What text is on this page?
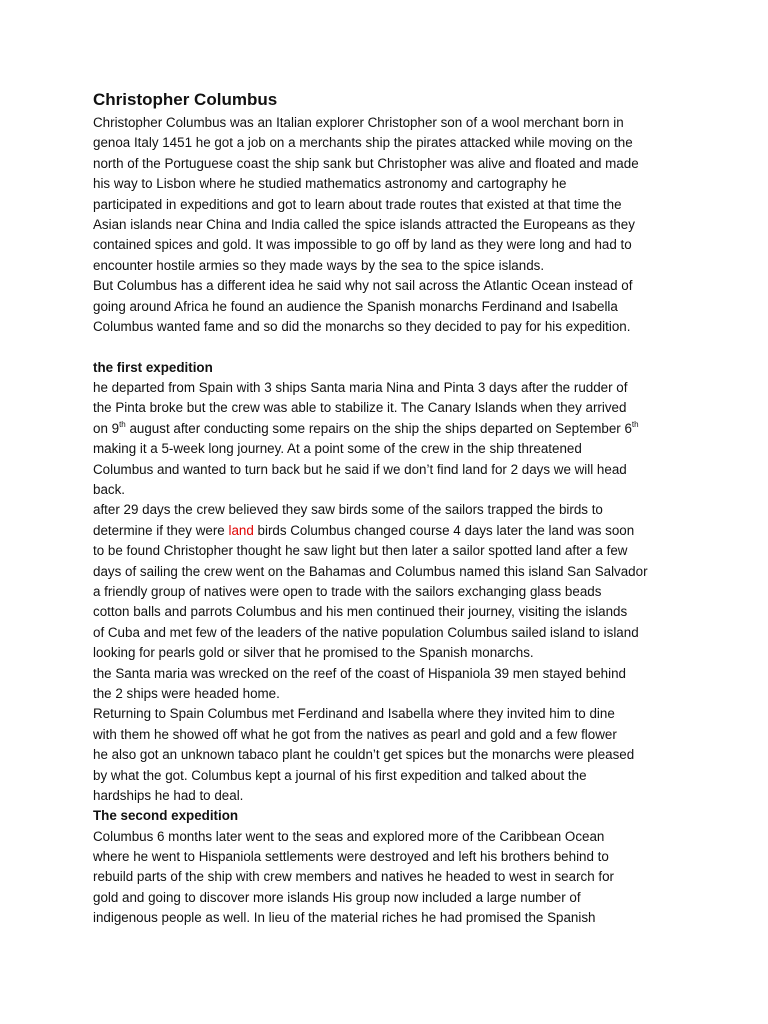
Christopher Columbus
Christopher Columbus was an Italian explorer Christopher son of a wool merchant born in
genoa Italy 1451 he got a job on a merchants ship the pirates attacked while moving on the
north of the Portuguese coast the ship sank but Christopher was alive and floated and made
his way to Lisbon where he studied mathematics astronomy and cartography he
participated in expeditions and got to learn about trade routes that existed at that time the
Asian islands near China and India called the spice islands attracted the Europeans as they
contained spices and gold. It was impossible to go off by land as they were long and had to
encounter hostile armies so they made ways by the sea to the spice islands.
But Columbus has a different idea he said why not sail across the Atlantic Ocean instead of
going around Africa he found an audience the Spanish monarchs Ferdinand and Isabella
Columbus wanted fame and so did the monarchs so they decided to pay for his expedition.
the first expedition
he departed from Spain with 3 ships Santa maria Nina and Pinta 3 days after the rudder of
the Pinta broke but the crew was able to stabilize it. The Canary Islands when they arrived
on 9th august after conducting some repairs on the ship the ships departed on September 6th
making it a 5-week long journey. At a point some of the crew in the ship threatened
Columbus and wanted to turn back but he said if we don’t find land for 2 days we will head
back.
after 29 days the crew believed they saw birds some of the sailors trapped the birds to
determine if they were land birds Columbus changed course 4 days later the land was soon
to be found Christopher thought he saw light but then later a sailor spotted land after a few
days of sailing the crew went on the Bahamas and Columbus named this island San Salvador
a friendly group of natives were open to trade with the sailors exchanging glass beads
cotton balls and parrots Columbus and his men continued their journey, visiting the islands
of Cuba and met few of the leaders of the native population Columbus sailed island to island
looking for pearls gold or silver that he promised to the Spanish monarchs.
the Santa maria was wrecked on the reef of the coast of Hispaniola 39 men stayed behind
the 2 ships were headed home.
Returning to Spain Columbus met Ferdinand and Isabella where they invited him to dine
with them he showed off what he got from the natives as pearl and gold and a few flower
he also got an unknown tabaco plant he couldn’t get spices but the monarchs were pleased
by what the got. Columbus kept a journal of his first expedition and talked about the
hardships he had to deal.
The second expedition
Columbus 6 months later went to the seas and explored more of the Caribbean Ocean
where he went to Hispaniola settlements were destroyed and left his brothers behind to
rebuild parts of the ship with crew members and natives he headed to west in search for
gold and going to discover more islands His group now included a large number of
indigenous people as well. In lieu of the material riches he had promised the Spanish
